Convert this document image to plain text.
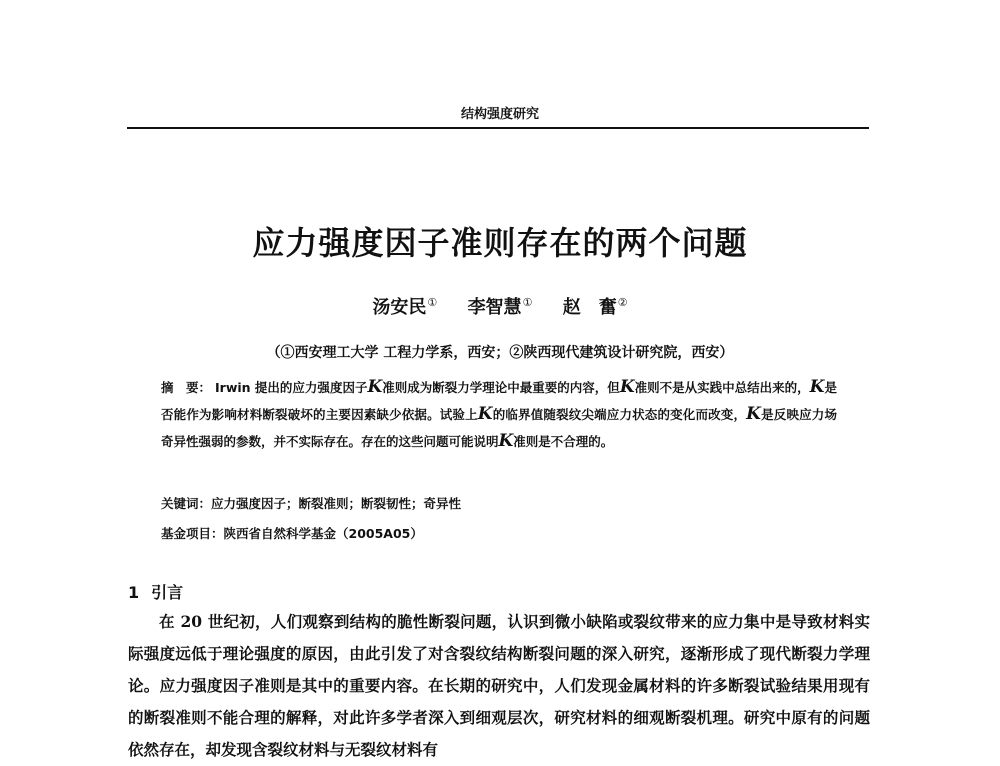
结构强度研究
应力强度因子准则存在的两个问题
汤安民① 李智慧① 赵　奮②
（①西安理工大学 工程力学系，西安；②陕西现代建筑设计研究院，西安）
摘　要： Irwin 提出的应力强度因子K准则成为断裂力学理论中最重要的内容，但K准则不是从实践中总结出来的，K是否能作为影响材料断裂破坏的主要因素缺少依据。试验上K的临界值随裂纹尖端应力状态的变化而改变，K是反映应力场奇异性强弱的参数，并不实际存在。存在的这些问题可能说明K准则是不合理的。
关键词：应力强度因子；断裂准则；断裂韧性；奇异性
基金项目：陕西省自然科学基金（2005A05）
1 引言
在 20 世纪初，人们观察到结构的脆性断裂问题，认识到微小缺陷或裂纹带来的应力集中是导致材料实际强度远低于理论强度的原因，由此引发了对含裂纹结构断裂问题的深入研究，逐渐形成了现代断裂力学理论。应力强度因子准则是其中的重要内容。在长期的研究中，人们发现金属材料的许多断裂试验结果用现有的断裂准则不能合理的解释，对此许多学者深入到细观层次，研究材料的细观断裂机理。研究中原有的问题依然存在，却发现含裂纹材料与无裂纹材料有
